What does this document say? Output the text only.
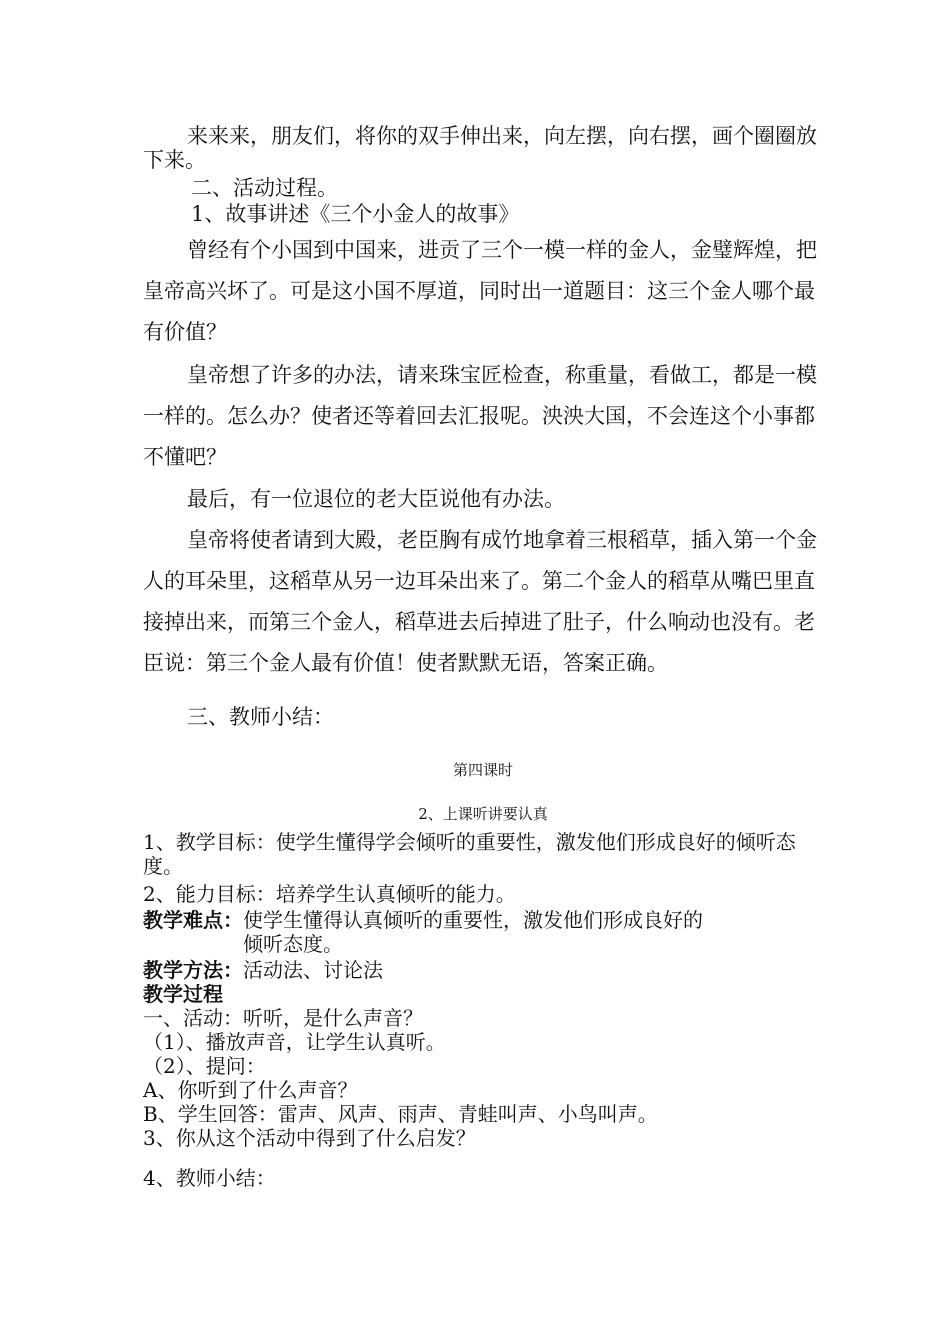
来来来，朋友们，将你的双手伸出来，向左摆，向右摆，画个圈圈放下来。

二、活动过程。

1、故事讲述《三个小金人的故事》

曾经有个小国到中国来，进贡了三个一模一样的金人，金璧辉煌，把皇帝高兴坏了。可是这小国不厚道，同时出一道题目：这三个金人哪个最有价值？

皇帝想了许多的办法，请来珠宝匠检查，称重量，看做工，都是一模一样的。怎么办？使者还等着回去汇报呢。泱泱大国，不会连这个小事都不懂吧？

最后，有一位退位的老大臣说他有办法。

皇帝将使者请到大殿，老臣胸有成竹地拿着三根稻草，插入第一个金人的耳朵里，这稻草从另一边耳朵出来了。第二个金人的稻草从嘴巴里直接掉出来，而第三个金人，稻草进去后掉进了肚子，什么响动也没有。老臣说：第三个金人最有价值！使者默默无语，答案正确。

三、教师小结：

第四课时

2、上课听讲要认真

1、教学目标：使学生懂得学会倾听的重要性，激发他们形成良好的倾听态度。

2、能力目标：培养学生认真倾听的能力。

教学难点：使学生懂得认真倾听的重要性，激发他们形成良好的
倾听态度。
教学方法：活动法、讨论法

教学过程

一、活动：听听，是什么声音？
（1）、播放声音，让学生认真听。
（2）、提问：
A、你听到了什么声音？
B、学生回答：雷声、风声、雨声、青蛙叫声、小鸟叫声。
3、你从这个活动中得到了什么启发？

4、教师小结：
